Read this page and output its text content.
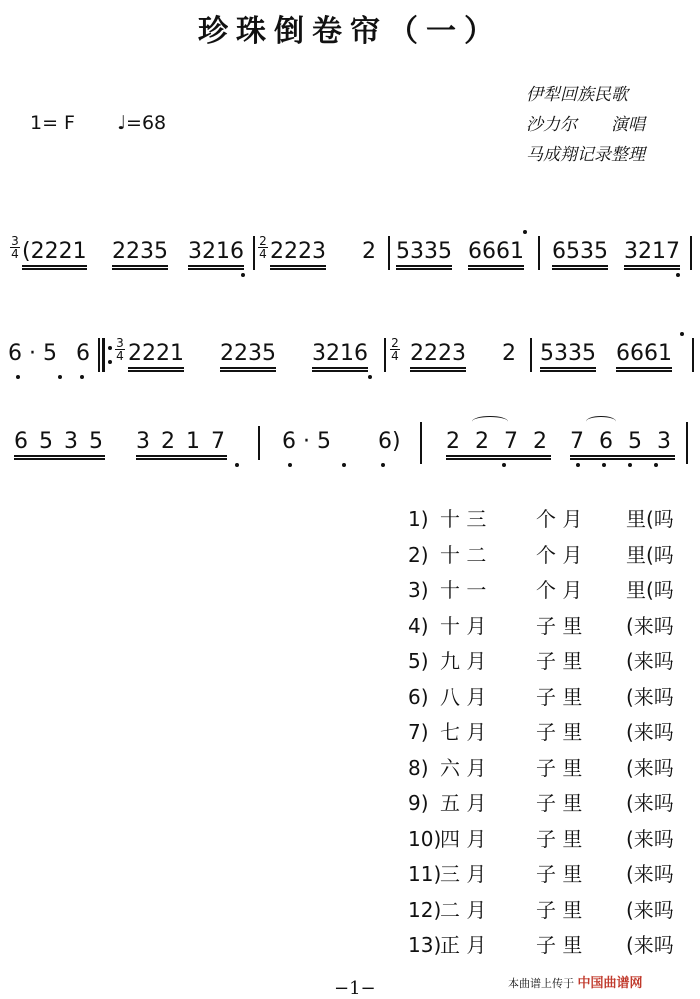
珍珠倒卷帘（一）
1= F ♩=68
伊犁回族民歌
沙力尔　　演唱
马成翔记录整理
3
4 (2221 2235 3216 2
4 2223 2 5335 6661 6535 3217
6 · 5 6 3
4 2221 2235 3216 2
4 2223 2 5335 6661
6 5 3 5 3 2 1 7	6 · 5 6) 2 2 7 2 7 6 5 3
1) 十 三 个 月 里(吗
2) 十 二 个 月 里(吗
3) 十 一 个 月 里(吗
4) 十 月 子 里 (来吗
5) 九 月 子 里 (来吗
6) 八 月 子 里 (来吗
7) 七 月 子 里 (来吗
8) 六 月 子 里 (来吗
9) 五 月 子 里 (来吗
10)
四 月 子 里 (来吗
11)
三 月 子 里 (来吗
12)
二 月 子 里 (来吗
13)
正 月 子 里 (来吗
−1−	本曲谱上传于 中国曲谱网
